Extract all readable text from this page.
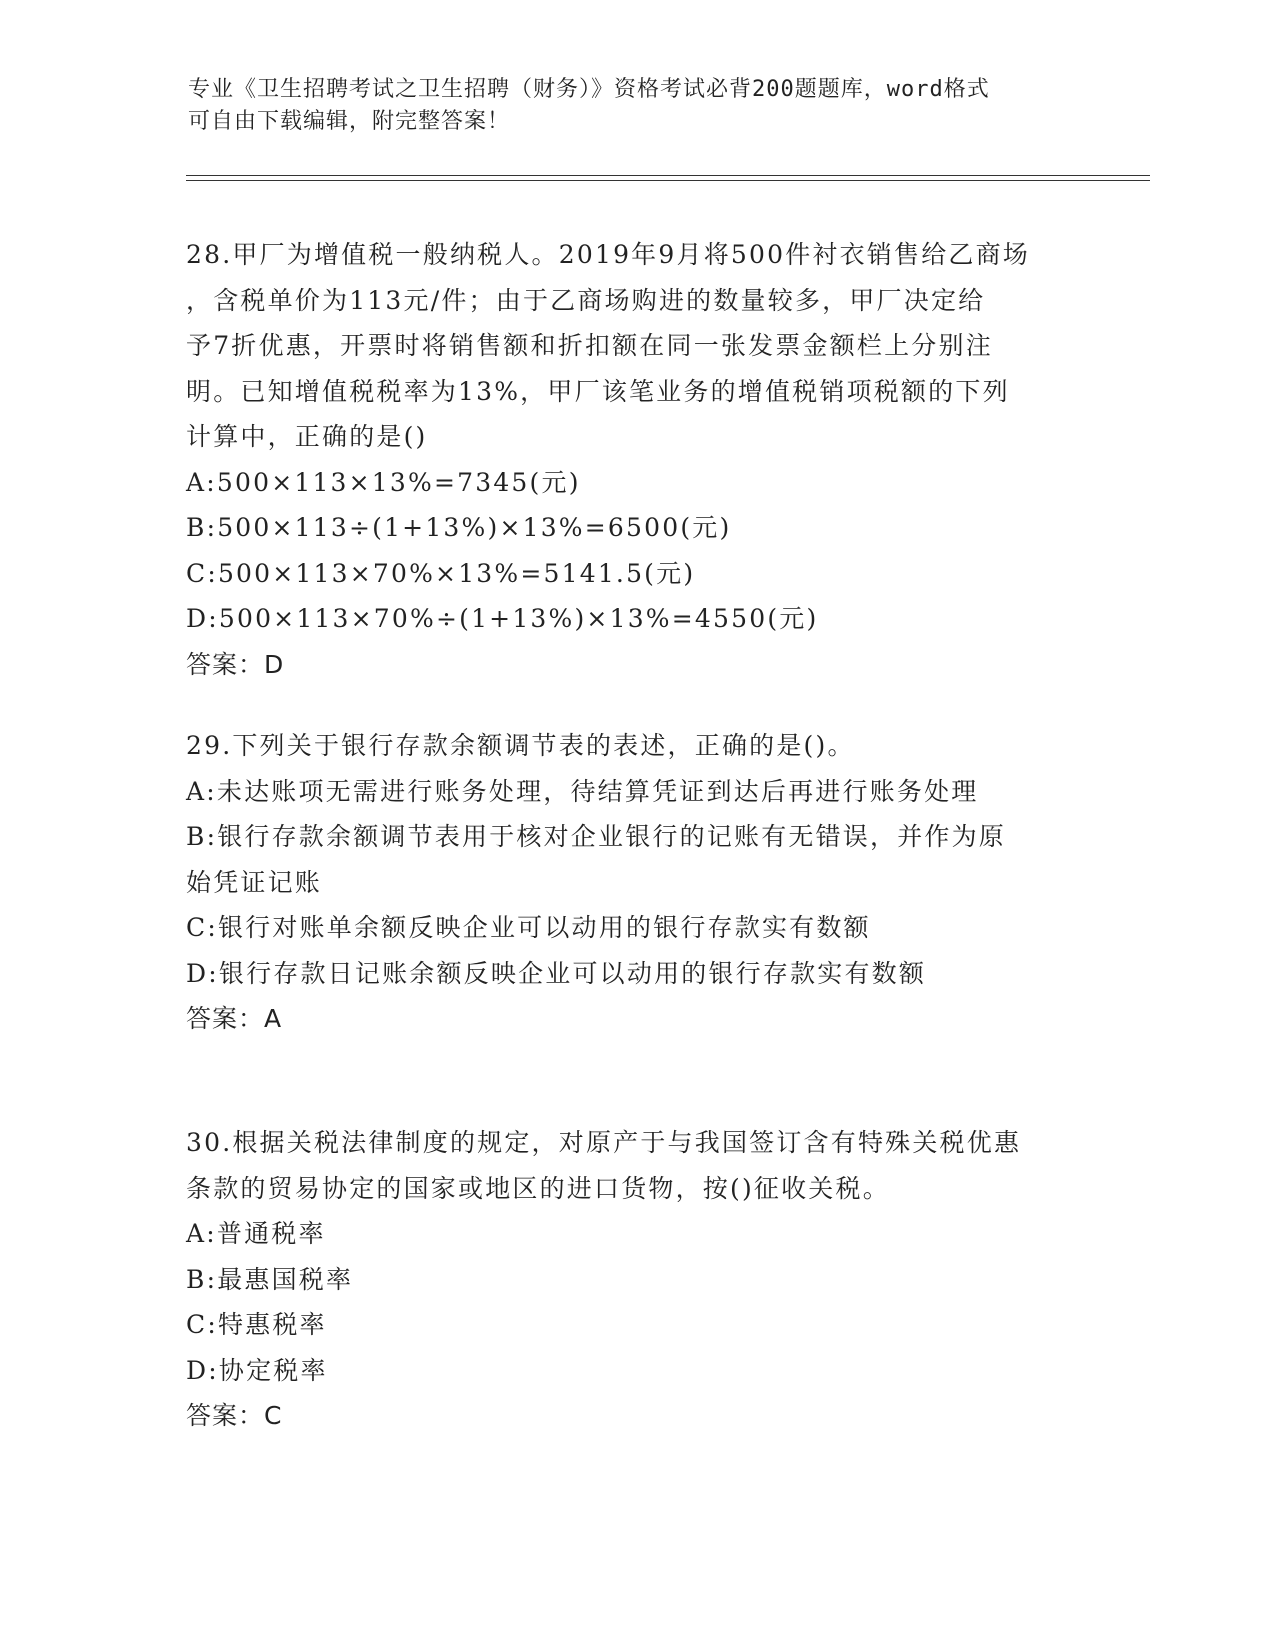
专业《卫生招聘考试之卫生招聘（财务）》资格考试必背200题题库，word格式
可自由下载编辑，附完整答案！
28.甲厂为增值税一般纳税人。2019年9月将500件衬衣销售给乙商场
，含税单价为113元/件；由于乙商场购进的数量较多，甲厂决定给
予7折优惠，开票时将销售额和折扣额在同一张发票金额栏上分别注
明。已知增值税税率为13%，甲厂该笔业务的增值税销项税额的下列
计算中，正确的是()
A:500×113×13%=7345(元)
B:500×113÷(1+13%)×13%=6500(元)
C:500×113×70%×13%=5141.5(元)
D:500×113×70%÷(1+13%)×13%=4550(元)
答案：D
29.下列关于银行存款余额调节表的表述，正确的是()。
A:未达账项无需进行账务处理，待结算凭证到达后再进行账务处理
B:银行存款余额调节表用于核对企业银行的记账有无错误，并作为原
始凭证记账
C:银行对账单余额反映企业可以动用的银行存款实有数额
D:银行存款日记账余额反映企业可以动用的银行存款实有数额
答案：A
30.根据关税法律制度的规定，对原产于与我国签订含有特殊关税优惠
条款的贸易协定的国家或地区的进口货物，按()征收关税。
A:普通税率
B:最惠国税率
C:特惠税率
D:协定税率
答案：C
